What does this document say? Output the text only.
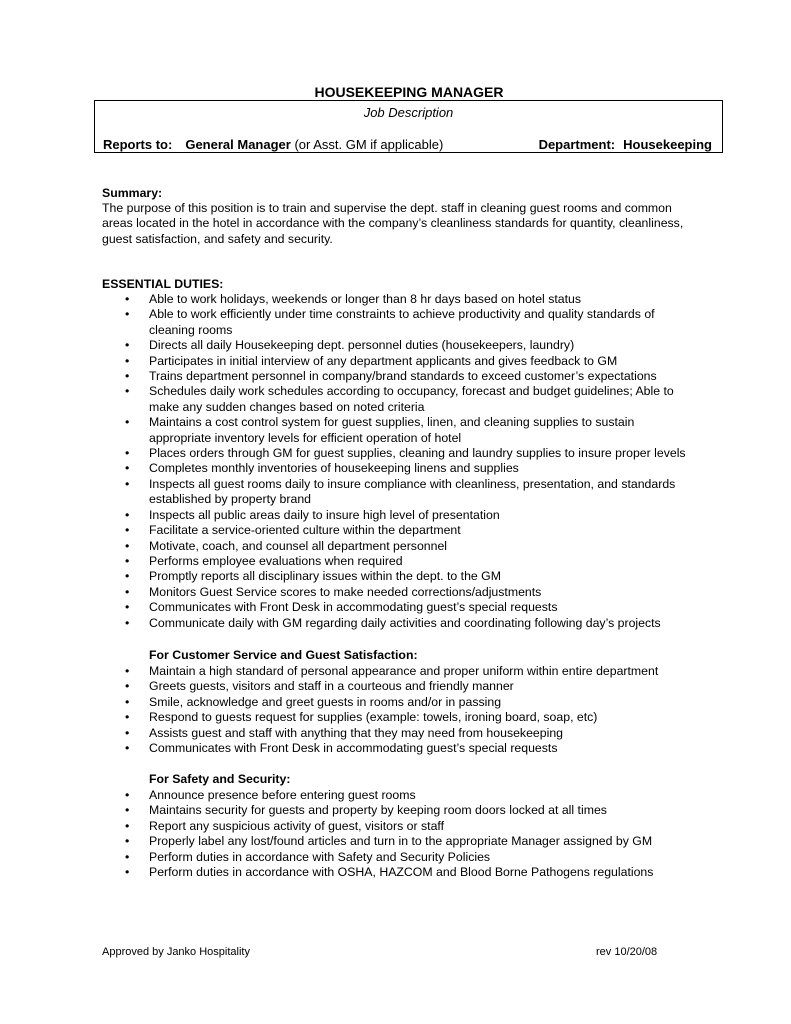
HOUSEKEEPING MANAGER
Job Description
Reports to: General Manager (or Asst. GM if applicable)	Department: Housekeeping
Summary:

The purpose of this position is to train and supervise the dept. staff in cleaning guest rooms and common

areas located in the hotel in accordance with the company’s cleanliness standards for quantity, cleanliness,

guest satisfaction, and safety and security.

ESSENTIAL DUTIES:
• Able to work holidays, weekends or longer than 8 hr days based on hotel status
• Able to work efficiently under time constraints to achieve productivity and quality standards of
cleaning rooms
• Directs all daily Housekeeping dept. personnel duties (housekeepers, laundry)
• Participates in initial interview of any department applicants and gives feedback to GM
• Trains department personnel in company/brand standards to exceed customer’s expectations
• Schedules daily work schedules according to occupancy, forecast and budget guidelines; Able to
make any sudden changes based on noted criteria
• Maintains a cost control system for guest supplies, linen, and cleaning supplies to sustain
appropriate inventory levels for efficient operation of hotel
• Places orders through GM for guest supplies, cleaning and laundry supplies to insure proper levels
• Completes monthly inventories of housekeeping linens and supplies
• Inspects all guest rooms daily to insure compliance with cleanliness, presentation, and standards
established by property brand
• Inspects all public areas daily to insure high level of presentation
• Facilitate a service-oriented culture within the department
• Motivate, coach, and counsel all department personnel
• Performs employee evaluations when required
• Promptly reports all disciplinary issues within the dept. to the GM
• Monitors Guest Service scores to make needed corrections/adjustments
• Communicates with Front Desk in accommodating guest’s special requests
• Communicate daily with GM regarding daily activities and coordinating following day’s projects
For Customer Service and Guest Satisfaction:
• Maintain a high standard of personal appearance and proper uniform within entire department
• Greets guests, visitors and staff in a courteous and friendly manner
• Smile, acknowledge and greet guests in rooms and/or in passing
• Respond to guests request for supplies (example: towels, ironing board, soap, etc)
• Assists guest and staff with anything that they may need from housekeeping
• Communicates with Front Desk in accommodating guest’s special requests
For Safety and Security:
• Announce presence before entering guest rooms
• Maintains security for guests and property by keeping room doors locked at all times
• Report any suspicious activity of guest, visitors or staff
• Properly label any lost/found articles and turn in to the appropriate Manager assigned by GM
• Perform duties in accordance with Safety and Security Policies
• Perform duties in accordance with OSHA, HAZCOM and Blood Borne Pathogens regulations
Approved by Janko Hospitality	rev 10/20/08
